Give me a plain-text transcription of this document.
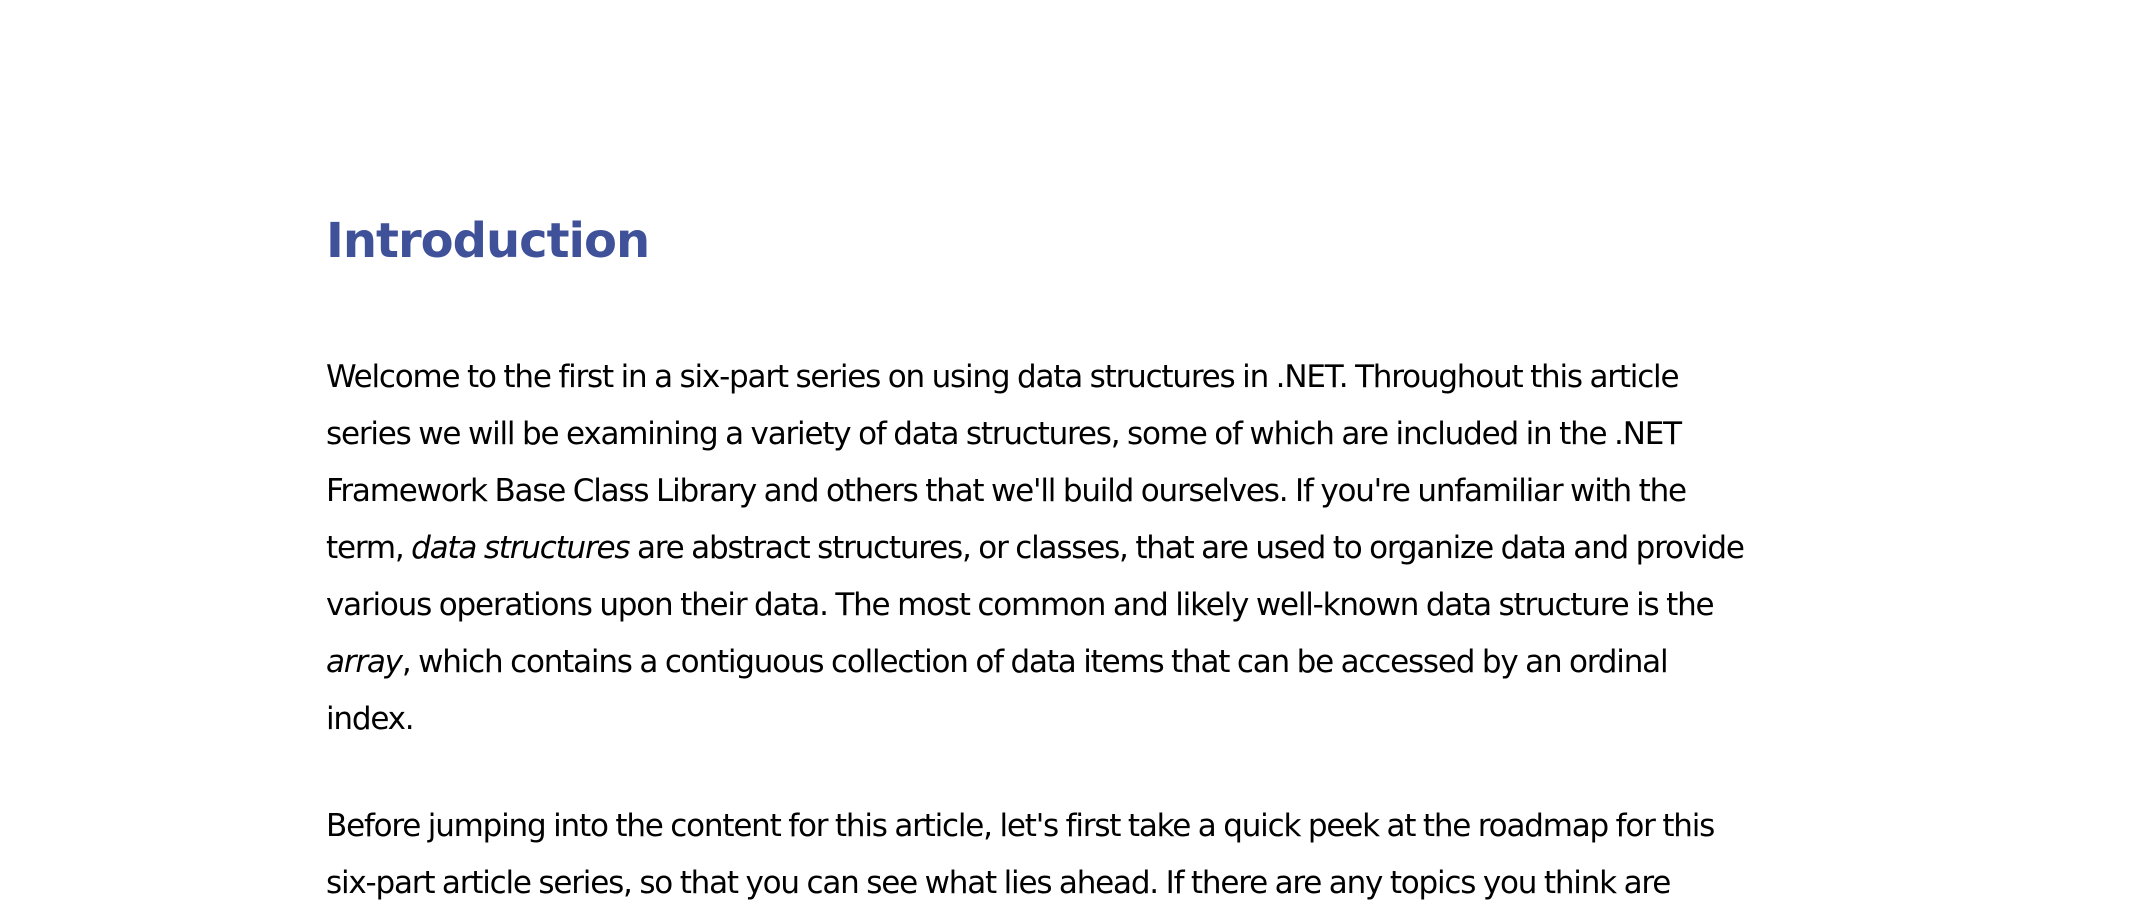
Introduction

Welcome to the first in a six-part series on using data structures in .NET. Throughout this article
series we will be examining a variety of data structures, some of which are included in the .NET
Framework Base Class Library and others that we'll build ourselves. If you're unfamiliar with the
term, data structures are abstract structures, or classes, that are used to organize data and provide
various operations upon their data. The most common and likely well-known data structure is the
array, which contains a contiguous collection of data items that can be accessed by an ordinal
index.

Before jumping into the content for this article, let's first take a quick peek at the roadmap for this
six-part article series, so that you can see what lies ahead. If there are any topics you think are
